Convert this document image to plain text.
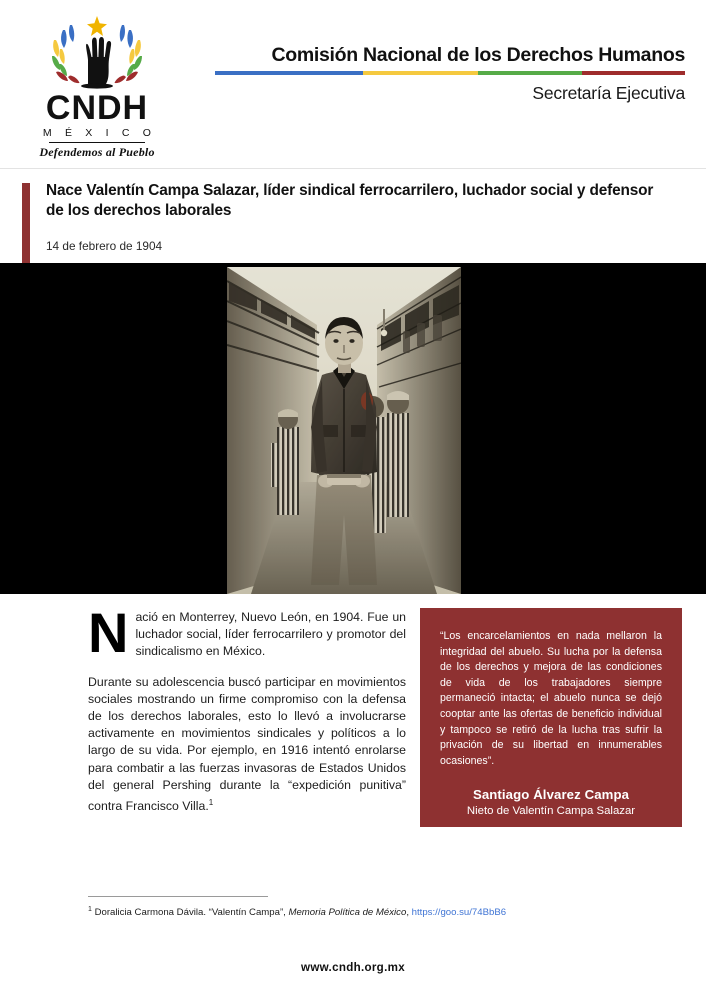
CNDH
M É X I C O
Defendemos al Pueblo
Comisión Nacional de los Derechos Humanos
Secretaría Ejecutiva
Nace Valentín Campa Salazar, líder sindical ferrocarrilero, luchador social y defensor de los derechos laborales
14 de febrero de 1904

Nació en Monterrey, Nuevo León, en 1904. Fue un luchador social, líder ferrocarrilero y promotor del sindicalismo en México.

Durante su adolescencia buscó participar en movimientos sociales mostrando un firme compromiso con la defensa de los derechos laborales, esto lo llevó a involucrarse activamente en movimientos sindicales y políticos a lo largo de su vida. Por ejemplo, en 1916 intentó enrolarse para combatir a las fuerzas invasoras de Estados Unidos del general Pershing durante la “expedición punitiva” contra Francisco Villa.$^1$

“Los encarcelamientos en nada mellaron la integridad del abuelo. Su lucha por la defensa de los derechos y mejora de las condiciones de vida de los trabajadores siempre permaneció intacta; el abuelo nunca se dejó cooptar ante las ofertas de beneficio individual y tampoco se retiró de la lucha tras sufrir la privación de su libertad en innumerables ocasiones”.

Santiago Álvarez Campa
Nieto de Valentín Campa Salazar
$^1$ Doralicia Carmona Dávila. “Valentín Campa”, Memoria Política de México, https://goo.su/74BbB6
www.cndh.org.mx
